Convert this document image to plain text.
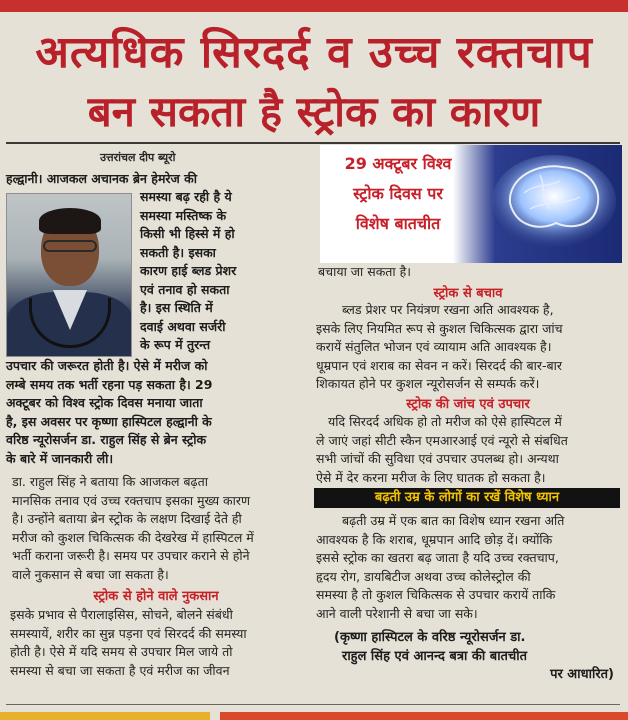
अत्यधिक सिरदर्द व उच्च रक्तचाप
बन सकता है स्ट्रोक का कारण
उत्तरांचल दीप ब्यूरो
हल्द्वानी। आजकल अचानक ब्रेन हेमरेज की
समस्या बढ़ रही है ये
समस्या मस्तिष्क के
किसी भी हिस्से में हो
सकती है। इसका
कारण हाई ब्लड प्रेशर
एवं तनाव हो सकता
है। इस स्थिति में
दवाई अथवा सर्जरी
के रूप में तुरन्त
उपचार की जरूरत होती है। ऐसे में मरीज को
लम्बे समय तक भर्ती रहना पड़ सकता है। 29
अक्टूबर को विश्व स्ट्रोक दिवस मनाया जाता
है, इस अवसर पर कृष्णा हास्पिटल हल्द्वानी के
वरिष्ठ न्यूरोसर्जन डा. राहुल सिंह से ब्रेन स्ट्रोक
के बारे में जानकारी ली।
डा. राहुल सिंह ने बताया कि आजकल बढ़ता
मानसिक तनाव एवं उच्च रक्तचाप इसका मुख्य कारण
है। उन्होंने बताया ब्रेन स्ट्रोक के लक्षण दिखाई देते ही
मरीज को कुशल चिकित्सक की देखरेख में हास्पिटल में
भर्ती कराना जरूरी है। समय पर उपचार कराने से होने
वाले नुकसान से बचा जा सकता है।
स्ट्रोक से होने वाले नुकसान
इसके प्रभाव से पैरालाइसिस, सोचने, बोलने संबंधी
समस्यायें, शरीर का सुन्न पड़ना एवं सिरदर्द की समस्या
होती है। ऐसे में यदि समय से उपचार मिल जाये तो
समस्या से बचा जा सकता है एवं मरीज का जीवन
29 अक्टूबर विश्व
स्ट्रोक दिवस पर
विशेष बातचीत
बचाया जा सकता है।
स्ट्रोक से बचाव
ब्लड प्रेशर पर नियंत्रण रखना अति आवश्यक है,
इसके लिए नियमित रूप से कुशल चिकित्सक द्वारा जांच
करायें संतुलित भोजन एवं व्यायाम अति आवश्यक है।
धूम्रपान एवं शराब का सेवन न करें। सिरदर्द की बार-बार
शिकायत होने पर कुशल न्यूरोसर्जन से सम्पर्क करें।
स्ट्रोक की जांच एवं उपचार
यदि सिरदर्द अधिक हो तो मरीज को ऐसे हास्पिटल में
ले जाएं जहां सीटी स्कैन एमआरआई एवं न्यूरो से संबधित
सभी जांचों की सुविधा एवं उपचार उपलब्ध हो। अन्यथा
ऐसे में देर करना मरीज के लिए घातक हो सकता है।
बढ़ती उम्र के लोगों का रखें विशेष ध्यान
बढ़ती उम्र में एक बात का विशेष ध्यान रखना अति
आवश्यक है कि शराब, धूम्रपान आदि छोड़ दें। क्योंकि
इससे स्ट्रोक का खतरा बढ़ जाता है यदि उच्च रक्तचाप,
हृदय रोग, डायबिटीज अथवा उच्च कोलेस्ट्रोल की
समस्या है तो कुशल चिकित्सक से उपचार करायें ताकि
आने वाली परेशानी से बचा जा सके।
(कृष्णा हास्पिटल के वरिष्ठ न्यूरोसर्जन डा.
राहुल सिंह एवं आनन्द बत्रा की बातचीत
पर आधारित)
